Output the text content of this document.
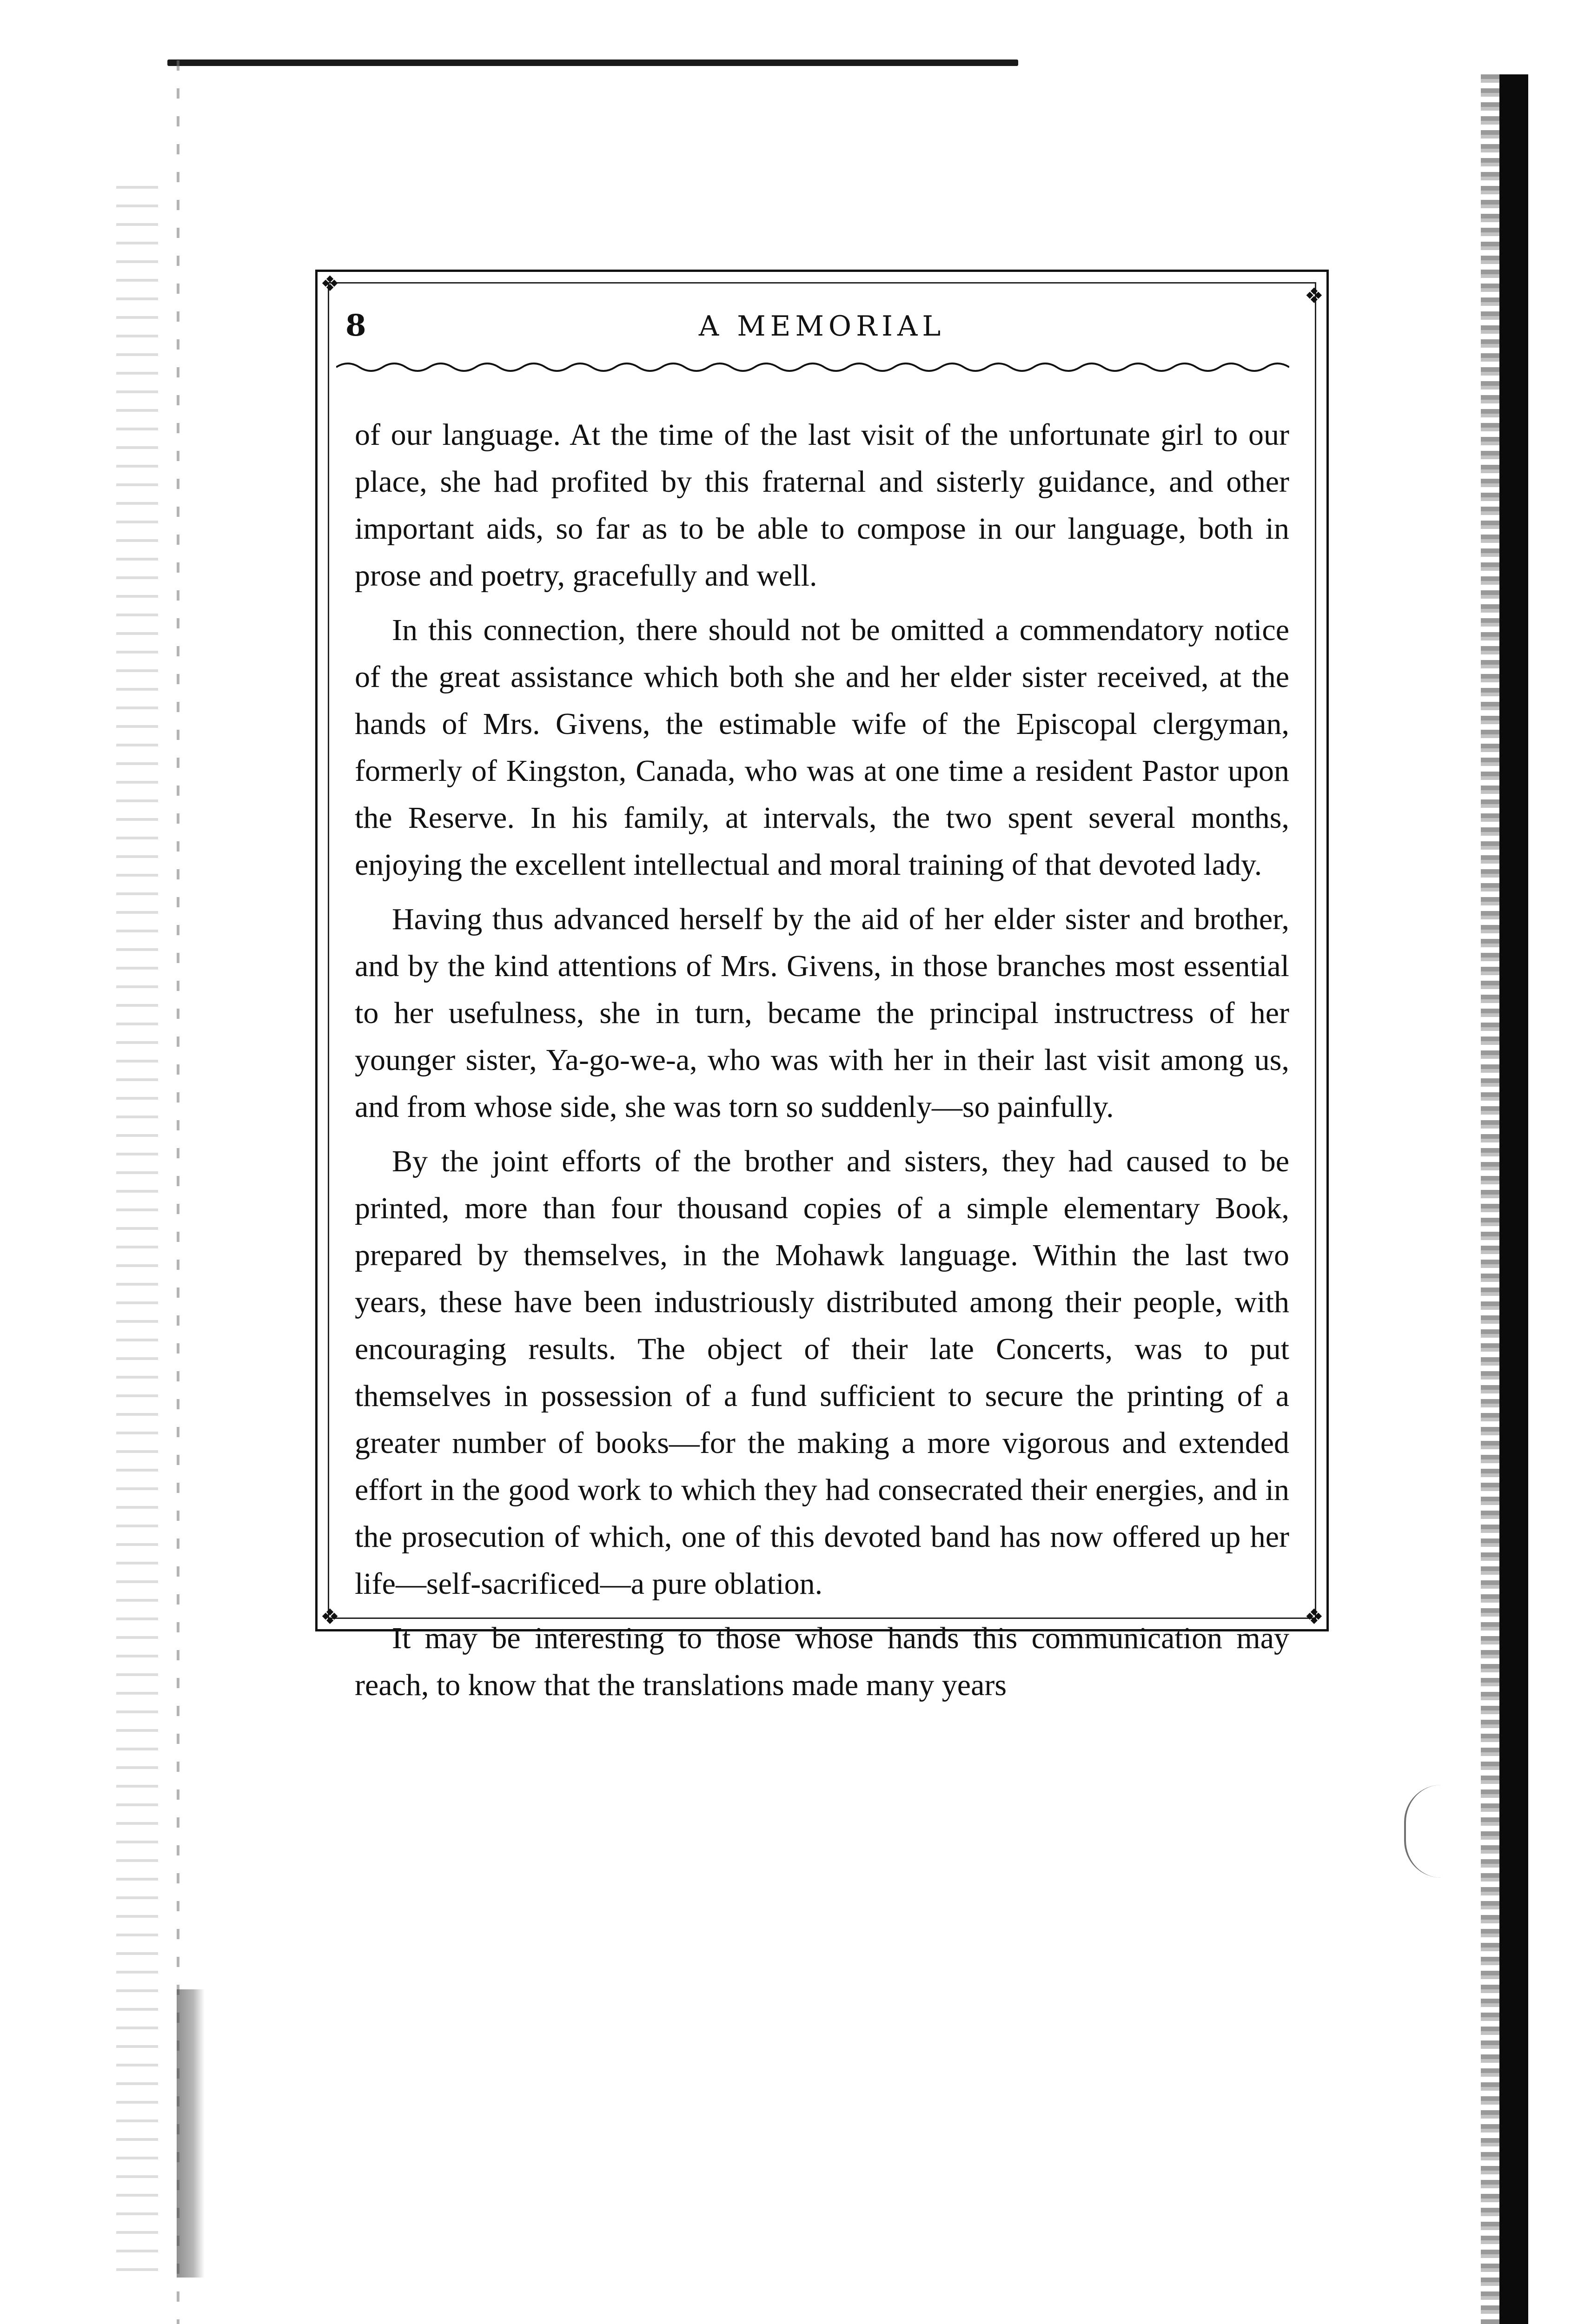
❖	❖
❖	❖
8	A MEMORIAL

of our language. At the time of the last visit of the unfortunate girl to our place, she had profited by this fraternal and sisterly guidance, and other important aids, so far as to be able to compose in our language, both in prose and poetry, gracefully and well.

In this connection, there should not be omitted a commendatory notice of the great assistance which both she and her elder sister received, at the hands of Mrs. Givens, the estimable wife of the Episcopal clergyman, formerly of Kingston, Canada, who was at one time a resident Pastor upon the Reserve. In his family, at intervals, the two spent several months, enjoying the excellent intellectual and moral training of that devoted lady.

Having thus advanced herself by the aid of her elder sister and brother, and by the kind attentions of Mrs. Givens, in those branches most essential to her usefulness, she in turn, became the principal instructress of her younger sister, Ya-go-we-a, who was with her in their last visit among us, and from whose side, she was torn so suddenly—so painfully.

By the joint efforts of the brother and sisters, they had caused to be printed, more than four thousand copies of a simple elementary Book, prepared by themselves, in the Mohawk language. Within the last two years, these have been industriously distributed among their people, with encouraging results. The object of their late Concerts, was to put themselves in possession of a fund sufficient to secure the printing of a greater number of books—for the making a more vigorous and extended effort in the good work to which they had consecrated their energies, and in the prosecution of which, one of this devoted band has now offered up her life—self-sacrificed—a pure oblation.

It may be interesting to those whose hands this communication may reach, to know that the translations made many years
